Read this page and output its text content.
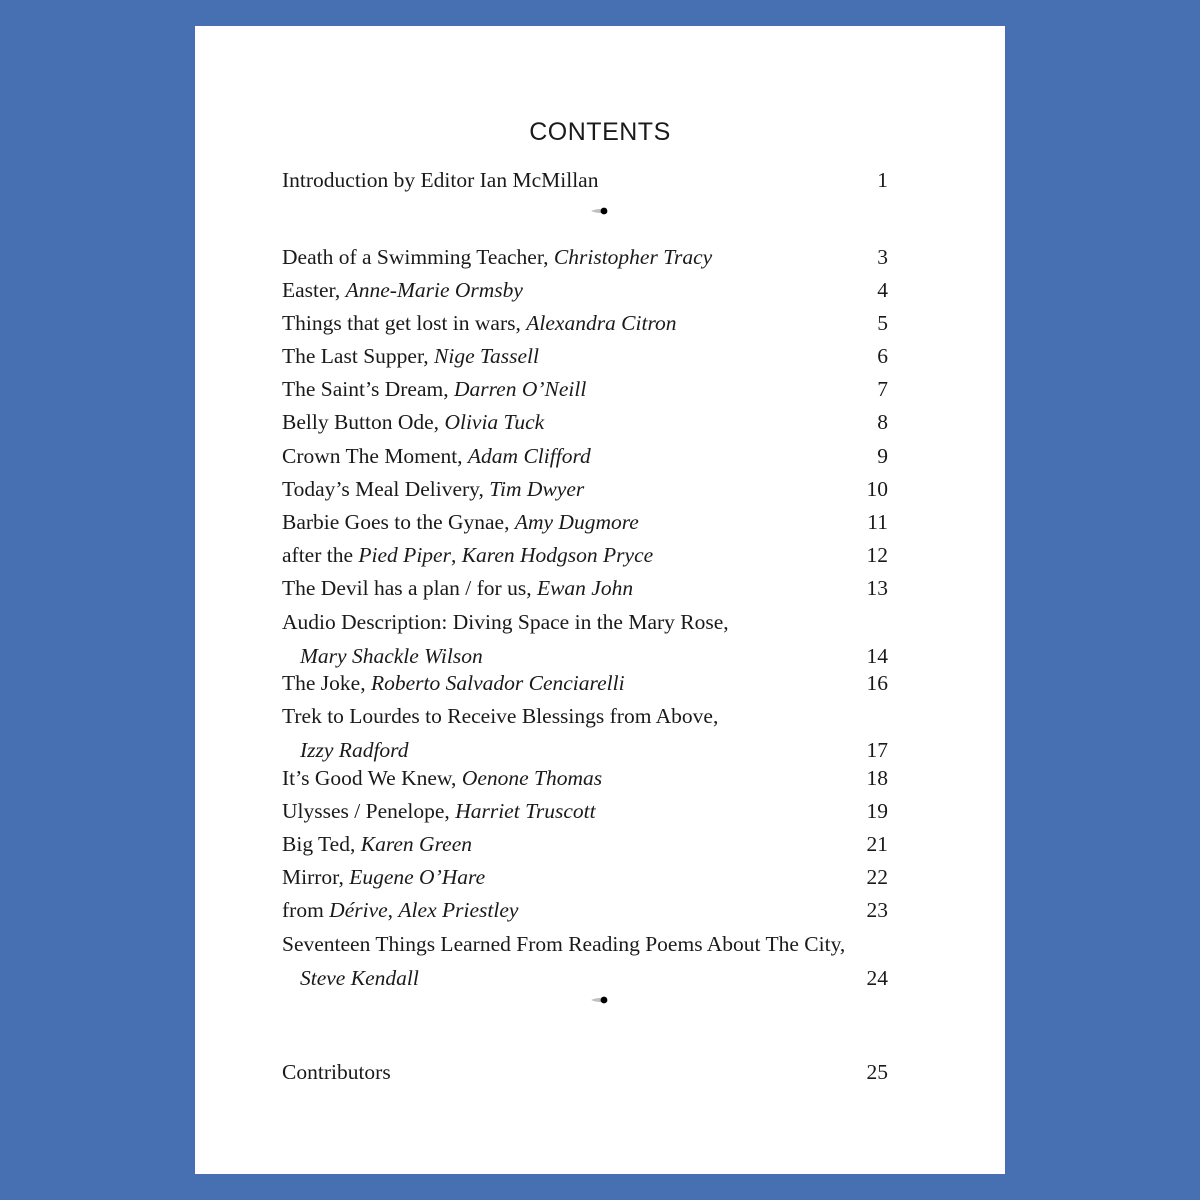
CONTENTS
Introduction by Editor Ian McMillan	1
Death of a Swimming Teacher, Christopher Tracy	3
Easter, Anne-Marie Ormsby	4
Things that get lost in wars, Alexandra Citron	5
The Last Supper, Nige Tassell	6
The Saint’s Dream, Darren O’Neill	7
Belly Button Ode, Olivia Tuck	8
Crown The Moment, Adam Clifford	9
Today’s Meal Delivery, Tim Dwyer	10
Barbie Goes to the Gynae, Amy Dugmore	11
after the Pied Piper, Karen Hodgson Pryce	12
The Devil has a plan / for us, Ewan John	13
Audio Description: Diving Space in the Mary Rose,
Mary Shackle Wilson	14
The Joke, Roberto Salvador Cenciarelli	16
Trek to Lourdes to Receive Blessings from Above,
Izzy Radford	17
It’s Good We Knew, Oenone Thomas	18
Ulysses / Penelope, Harriet Truscott	19
Big Ted, Karen Green	21
Mirror, Eugene O’Hare	22
from Dérive, Alex Priestley	23
Seventeen Things Learned From Reading Poems About The City,
Steve Kendall	24
Contributors	25
